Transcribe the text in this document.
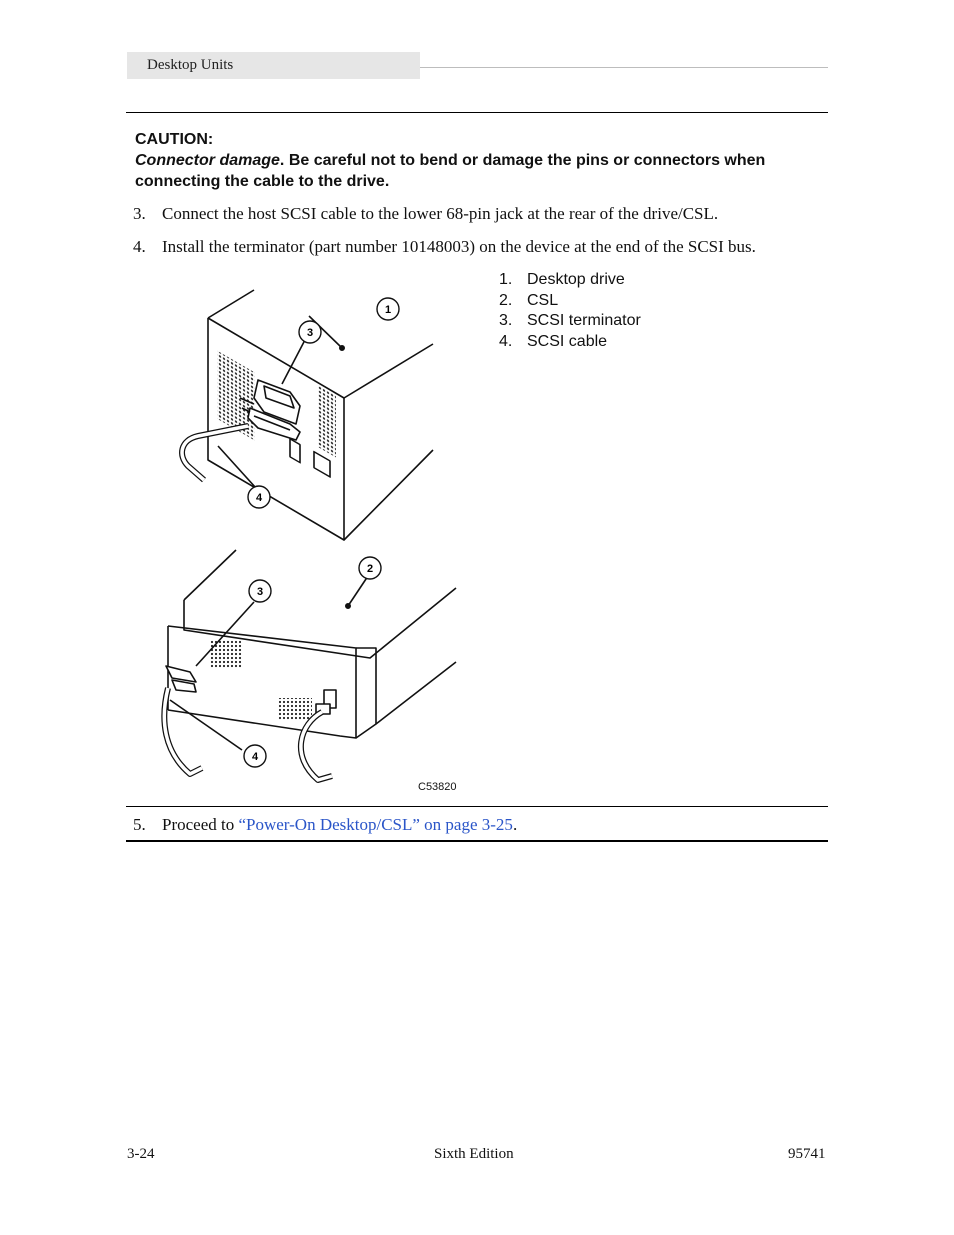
Desktop Units
CAUTION:
Connector damage. Be careful not to bend or damage the pins or connectors when connecting the cable to the drive.
3. Connect the host SCSI cable to the lower 68-pin jack at the rear of the drive/CSL.
4. Install the terminator (part number 10148003) on the device at the end of the SCSI bus.
1. Desktop drive
2. CSL
3. SCSI terminator
4. SCSI cable
1
3
4
2
3
4
C53820
5. Proceed to “Power-On Desktop/CSL” on page 3-25.
3-24	Sixth Edition	95741
